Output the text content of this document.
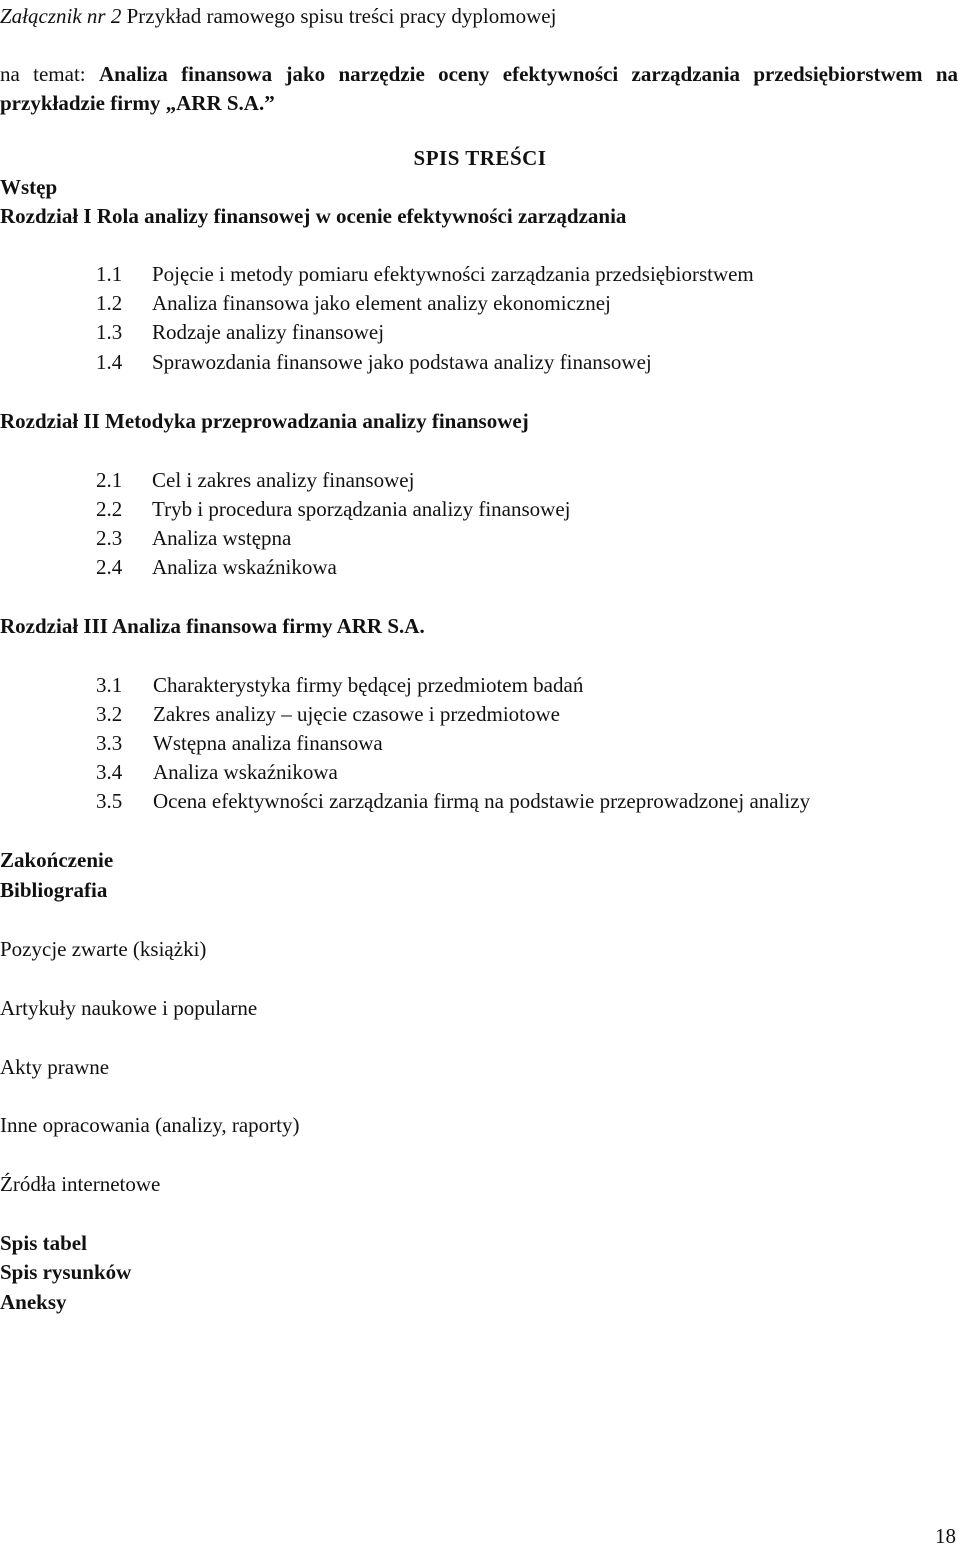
Załącznik nr 2 Przykład ramowego spisu treści pracy dyplomowej
na temat: Analiza finansowa jako narzędzie oceny efektywności zarządzania przedsiębiorstwem na przykładzie firmy „ARR S.A.”
SPIS TREŚCI
Wstęp
Rozdział I Rola analizy finansowej w ocenie efektywności zarządzania
1.1 Pojęcie i metody pomiaru efektywności zarządzania przedsiębiorstwem
1.2 Analiza finansowa jako element analizy ekonomicznej
1.3 Rodzaje analizy finansowej
1.4 Sprawozdania finansowe jako podstawa analizy finansowej
Rozdział II Metodyka przeprowadzania analizy finansowej
2.1 Cel i zakres analizy finansowej
2.2 Tryb i procedura sporządzania analizy finansowej
2.3 Analiza wstępna
2.4 Analiza wskaźnikowa
Rozdział III Analiza finansowa firmy ARR S.A.
3.1 Charakterystyka firmy będącej przedmiotem badań
3.2 Zakres analizy – ujęcie czasowe i przedmiotowe
3.3 Wstępna analiza finansowa
3.4 Analiza wskaźnikowa
3.5 Ocena efektywności zarządzania firmą na podstawie przeprowadzonej analizy
Zakończenie
Bibliografia
Pozycje zwarte (książki)
Artykuły naukowe i popularne
Akty prawne
Inne opracowania (analizy, raporty)
Źródła internetowe
Spis tabel
Spis rysunków
Aneksy
18
